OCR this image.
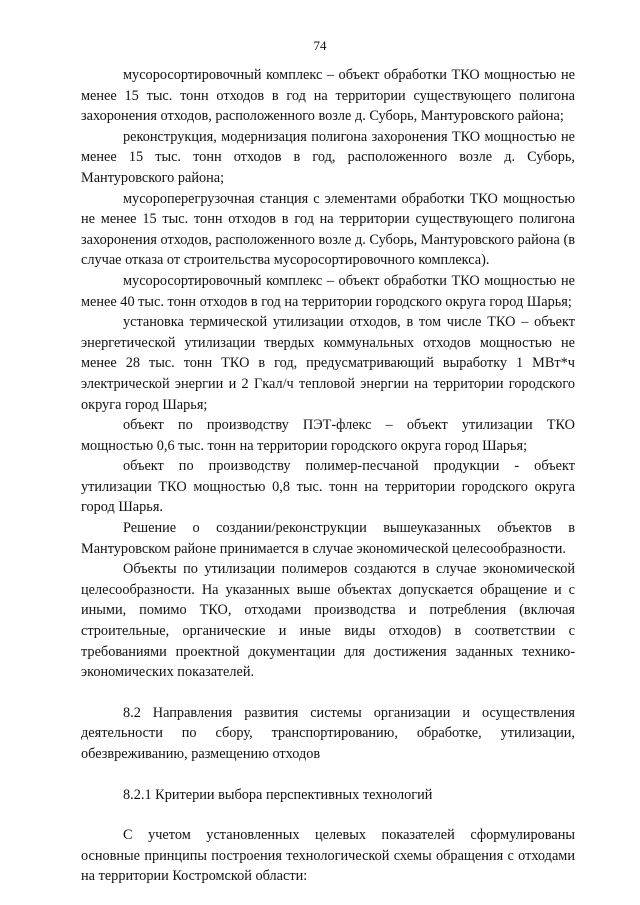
74

мусоросортировочный комплекс – объект обработки ТКО мощностью не менее 15 тыс. тонн отходов в год на территории существующего полигона захоронения отходов, расположенного возле д. Суборь, Мантуровского района;

реконструкция, модернизация полигона захоронения ТКО мощностью не менее 15 тыс. тонн отходов в год, расположенного возле д. Суборь, Мантуровского района;

мусороперегрузочная станция с элементами обработки ТКО мощностью не менее 15 тыс. тонн отходов в год на территории существующего полигона захоронения отходов, расположенного возле д. Суборь, Мантуровского района (в случае отказа от строительства мусоросортировочного комплекса).

мусоросортировочный комплекс – объект обработки ТКО мощностью не менее 40 тыс. тонн отходов в год на территории городского округа город Шарья;

установка термической утилизации отходов, в том числе ТКО – объект энергетической утилизации твердых коммунальных отходов мощностью не менее 28 тыс. тонн ТКО в год, предусматривающий выработку 1 МВт*ч электрической энергии и 2 Гкал/ч тепловой энергии на территории городского округа город Шарья;

объект по производству ПЭТ-флекс – объект утилизации ТКО мощностью 0,6 тыс. тонн на территории городского округа город Шарья;

объект по производству полимер-песчаной продукции - объект утилизации ТКО мощностью 0,8 тыс. тонн на территории городского округа город Шарья.

Решение о создании/реконструкции вышеуказанных объектов в Мантуровском районе принимается в случае экономической целесообразности.

Объекты по утилизации полимеров создаются в случае экономической целесообразности. На указанных выше объектах допускается обращение и с иными, помимо ТКО, отходами производства и потребления (включая строительные, органические и иные виды отходов) в соответствии с требованиями проектной документации для достижения заданных технико-экономических показателей.

8.2 Направления развития системы организации и осуществления деятельности по сбору, транспортированию, обработке, утилизации, обезвреживанию, размещению отходов

8.2.1 Критерии выбора перспективных технологий

С учетом установленных целевых показателей сформулированы основные принципы построения технологической схемы обращения с отходами на территории Костромской области:
